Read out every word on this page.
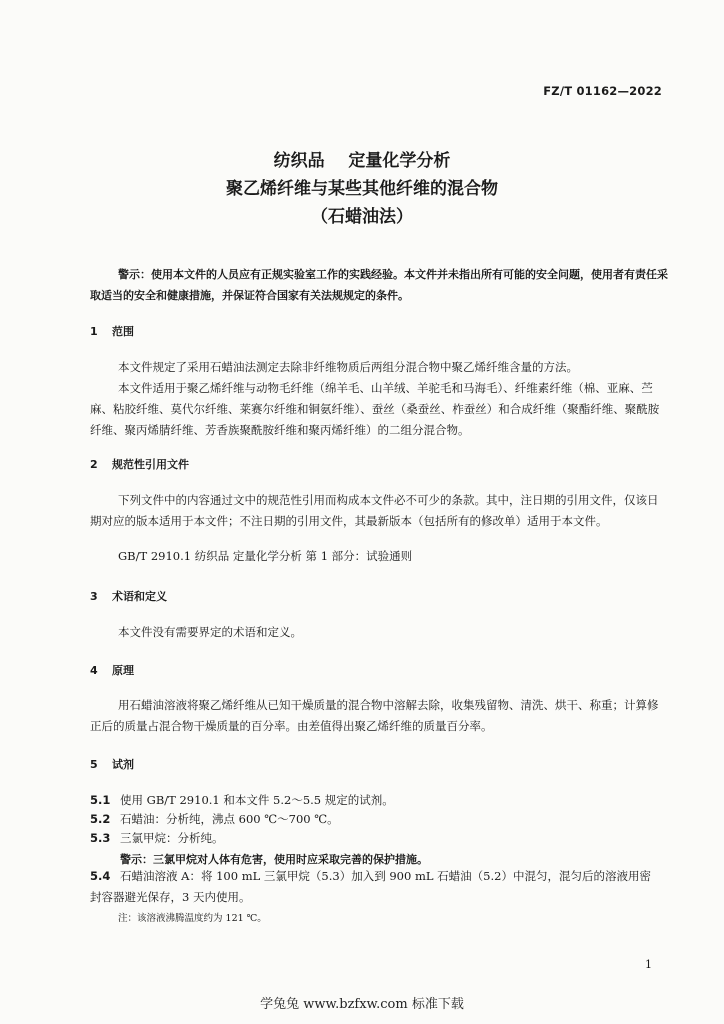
FZ/T 01162—2022
纺织品    定量化学分析
聚乙烯纤维与某些其他纤维的混合物
（石蜡油法）
警示：使用本文件的人员应有正规实验室工作的实践经验。本文件并未指出所有可能的安全问题，使用者有责任采取适当的安全和健康措施，并保证符合国家有关法规规定的条件。
1 范围
本文件规定了采用石蜡油法测定去除非纤维物质后两组分混合物中聚乙烯纤维含量的方法。
本文件适用于聚乙烯纤维与动物毛纤维（绵羊毛、山羊绒、羊驼毛和马海毛）、纤维素纤维（棉、亚麻、苎麻、粘胶纤维、莫代尔纤维、莱赛尔纤维和铜氨纤维）、蚕丝（桑蚕丝、柞蚕丝）和合成纤维（聚酯纤维、聚酰胺纤维、聚丙烯腈纤维、芳香族聚酰胺纤维和聚丙烯纤维）的二组分混合物。
2 规范性引用文件
下列文件中的内容通过文中的规范性引用而构成本文件必不可少的条款。其中，注日期的引用文件，仅该日期对应的版本适用于本文件；不注日期的引用文件，其最新版本（包括所有的修改单）适用于本文件。
GB/T 2910.1 纺织品 定量化学分析 第 1 部分：试验通则
3 术语和定义
本文件没有需要界定的术语和定义。
4 原理
用石蜡油溶液将聚乙烯纤维从已知干燥质量的混合物中溶解去除，收集残留物、清洗、烘干、称重；计算修正后的质量占混合物干燥质量的百分率。由差值得出聚乙烯纤维的质量百分率。
5 试剂
5.1 使用 GB/T 2910.1 和本文件 5.2～5.5 规定的试剂。
5.2 石蜡油：分析纯，沸点 600 ℃～700 ℃。
5.3 三氯甲烷：分析纯。
警示：三氯甲烷对人体有危害，使用时应采取完善的保护措施。
5.4 石蜡油溶液 A：将 100 mL 三氯甲烷（5.3）加入到 900 mL 石蜡油（5.2）中混匀，混匀后的溶液用密封容器避光保存，3 天内使用。
注：该溶液沸腾温度约为 121 ℃。
1
学兔兔 www.bzfxw.com 标准下载
